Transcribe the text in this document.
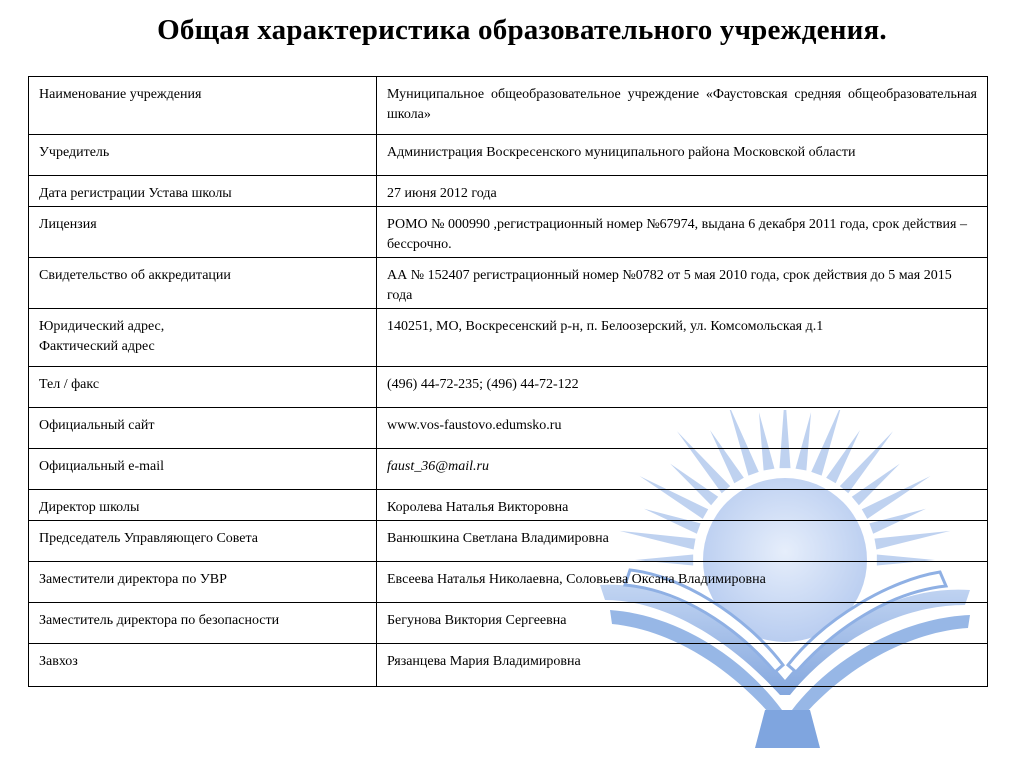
Общая характеристика образовательного учреждения.
Наименование учреждения	Муниципальное общеобразовательное учреждение «Фаустовская средняя общеобразовательная школа»
Учредитель	Администрация Воскресенского муниципального района Московской области
Дата регистрации Устава школы	27 июня 2012 года
Лицензия	РОМО № 000990 ,регистрационный номер №67974, выдана 6 декабря 2011 года, срок действия – бессрочно.
Свидетельство об аккредитации	АА № 152407 регистрационный номер №0782 от 5 мая 2010 года, срок действия до 5 мая 2015 года
Юридический адрес,
Фактический адрес	140251, МО, Воскресенский р-н, п. Белоозерский, ул. Комсомольская д.1
Тел / факс	(496) 44-72-235; (496) 44-72-122
Официальный сайт	www.vos-faustovo.edumsko.ru
Официальный e-mail	faust_36@mail.ru
Директор школы	Королева Наталья Викторовна
Председатель Управляющего Совета	Ванюшкина Светлана Владимировна
Заместители директора по УВР	Евсеева Наталья Николаевна, Соловьева Оксана Владимировна
Заместитель директора по безопасности	Бегунова Виктория Сергеевна
Завхоз	Рязанцева Мария Владимировна
